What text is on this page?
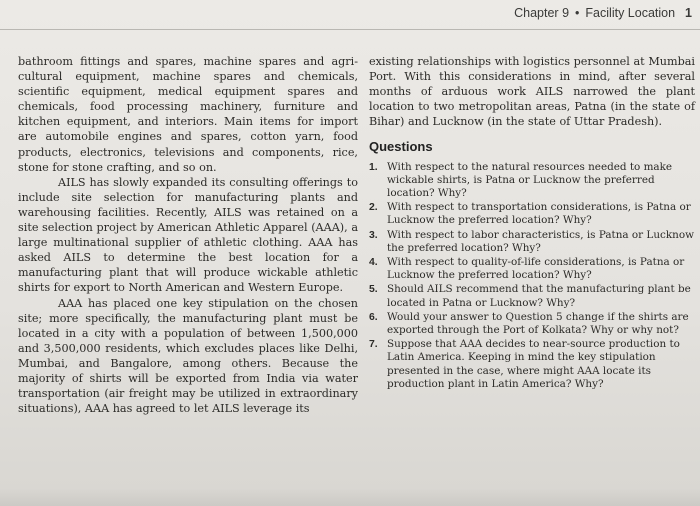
Chapter 9 • Facility Location 1

bathroom fittings and spares, machine spares and agri-cultural equipment, machine spares and chemicals, scientific equipment, medical equipment spares and chemicals, food processing machinery, furniture and kitchen equipment, and interiors. Main items for import are automobile engines and spares, cotton yarn, food products, electronics, televisions and components, rice, stone for stone crafting, and so on.

AILS has slowly expanded its consulting offerings to include site selection for manufacturing plants and warehousing facilities. Recently, AILS was retained on a site selection project by American Athletic Apparel (AAA), a large multinational supplier of athletic clothing. AAA has asked AILS to determine the best location for a manufacturing plant that will produce wickable athletic shirts for export to North American and Western Europe.

AAA has placed one key stipulation on the chosen site; more specifically, the manufacturing plant must be located in a city with a population of between 1,500,000 and 3,500,000 residents, which excludes places like Delhi, Mumbai, and Bangalore, among others. Because the majority of shirts will be exported from India via water transportation (air freight may be utilized in extraordinary situations), AAA has agreed to let AILS leverage its

existing relationships with logistics personnel at Mumbai Port. With this considerations in mind, after several months of arduous work AILS narrowed the plant location to two metropolitan areas, Patna (in the state of Bihar) and Lucknow (in the state of Uttar Pradesh).

Questions
1. With respect to the natural resources needed to make wickable shirts, is Patna or Lucknow the preferred location? Why?
2. With respect to transportation considerations, is Patna or Lucknow the preferred location? Why?
3. With respect to labor characteristics, is Patna or Lucknow the preferred location? Why?
4. With respect to quality-of-life considerations, is Patna or Lucknow the preferred location? Why?
5. Should AILS recommend that the manufacturing plant be located in Patna or Lucknow? Why?
6. Would your answer to Question 5 change if the shirts are exported through the Port of Kolkata? Why or why not?
7. Suppose that AAA decides to near-source production to Latin America. Keeping in mind the key stipulation presented in the case, where might AAA locate its production plant in Latin America? Why?
